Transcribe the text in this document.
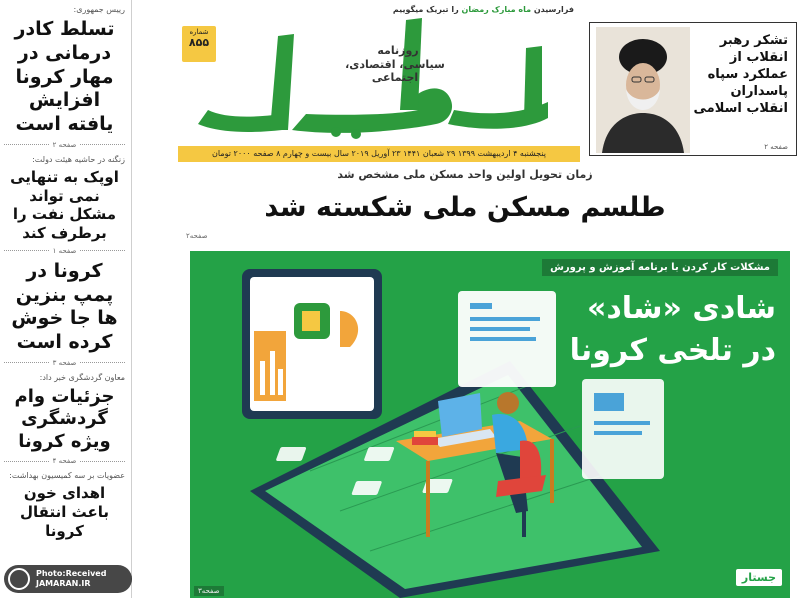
رییس جمهوری:
تسلط کادر درمانی در مهار کرونا افزایش یافته است
صفحه ۲
زنگنه در حاشیه هیئت دولت:
اوپک به تنهایی نمی تواند مشکل نفت را برطرف کند
صفحه ۱
کرونا در پمپ بنزین ها جا خوش کرده است
صفحه ۳
معاون گردشگری خبر داد:
جزئیات وام گردشگری ویژه کرونا
صفحه ۴
عضویات بر سه کمیسیون بهداشت:
اهدای خون باعث انتقال کرونا
فرارسیدن ماه مبارک رمضان را تبریک میگوییم
روزنامه
سیاسی، اقتصادی، اجتماعی
شماره
۸۵۵
پنجشنبه ۴ اردیبهشت ۱۳۹۹ ۲۹ شعبان ۱۴۴۱ ۲۳ آوریل ۲۰۱۹ سال بیست و چهارم ۸ صفحه ۲۰۰۰ تومان
تشکر رهبر انقلاب از عملکرد سپاه پاسداران انقلاب اسلامی
صفحه ۲
زمان تحویل اولین واحد مسکن ملی مشخص شد
طلسم مسکن ملی شکسته شد
صفحه۲
مشکلات کار کردن با برنامه آموزش و پرورش
شادی «شاد»
در تلخی کرونا
صفحه۳
جستار
Photo:Received
JAMARAN.IR
